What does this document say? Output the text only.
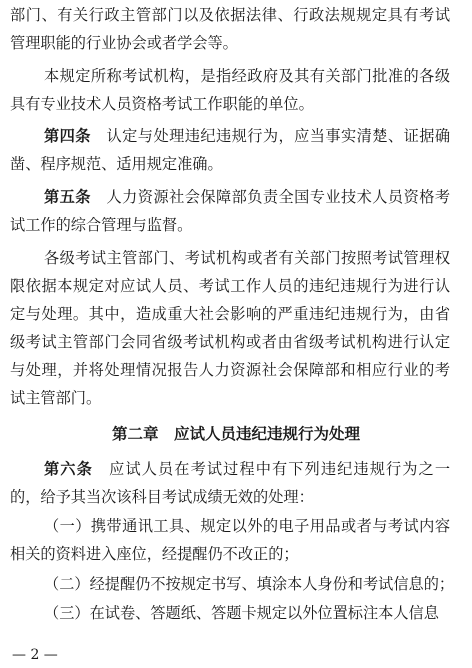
部门、有关行政主管部门以及依据法律、行政法规规定具有考试
管理职能的行业协会或者学会等。
本规定所称考试机构，是指经政府及其有关部门批准的各级
具有专业技术人员资格考试工作职能的单位。
第四条　 认定与处理违纪违规行为，应当事实清楚、证据确
凿、程序规范、适用规定准确。
第五条　 人力资源社会保障部负责全国专业技术人员资格考
试工作的综合管理与监督。
各级考试主管部门、考试机构或者有关部门按照考试管理权
限依据本规定对应试人员、考试工作人员的违纪违规行为进行认
定与处理。其中，造成重大社会影响的严重违纪违规行为，由省
级考试主管部门会同省级考试机构或者由省级考试机构进行认定
与处理，并将处理情况报告人力资源社会保障部和相应行业的考
试主管部门。
第二章　应试人员违纪违规行为处理
第六条　 应试人员在考试过程中有下列违纪违规行为之一
的，给予其当次该科目考试成绩无效的处理：
（一）携带通讯工具、规定以外的电子用品或者与考试内容
相关的资料进入座位，经提醒仍不改正的；
（二）经提醒仍不按规定书写、填涂本人身份和考试信息的；
— 2 —
（三）在试卷、答题纸、答题卡规定以外位置标注本人信息
